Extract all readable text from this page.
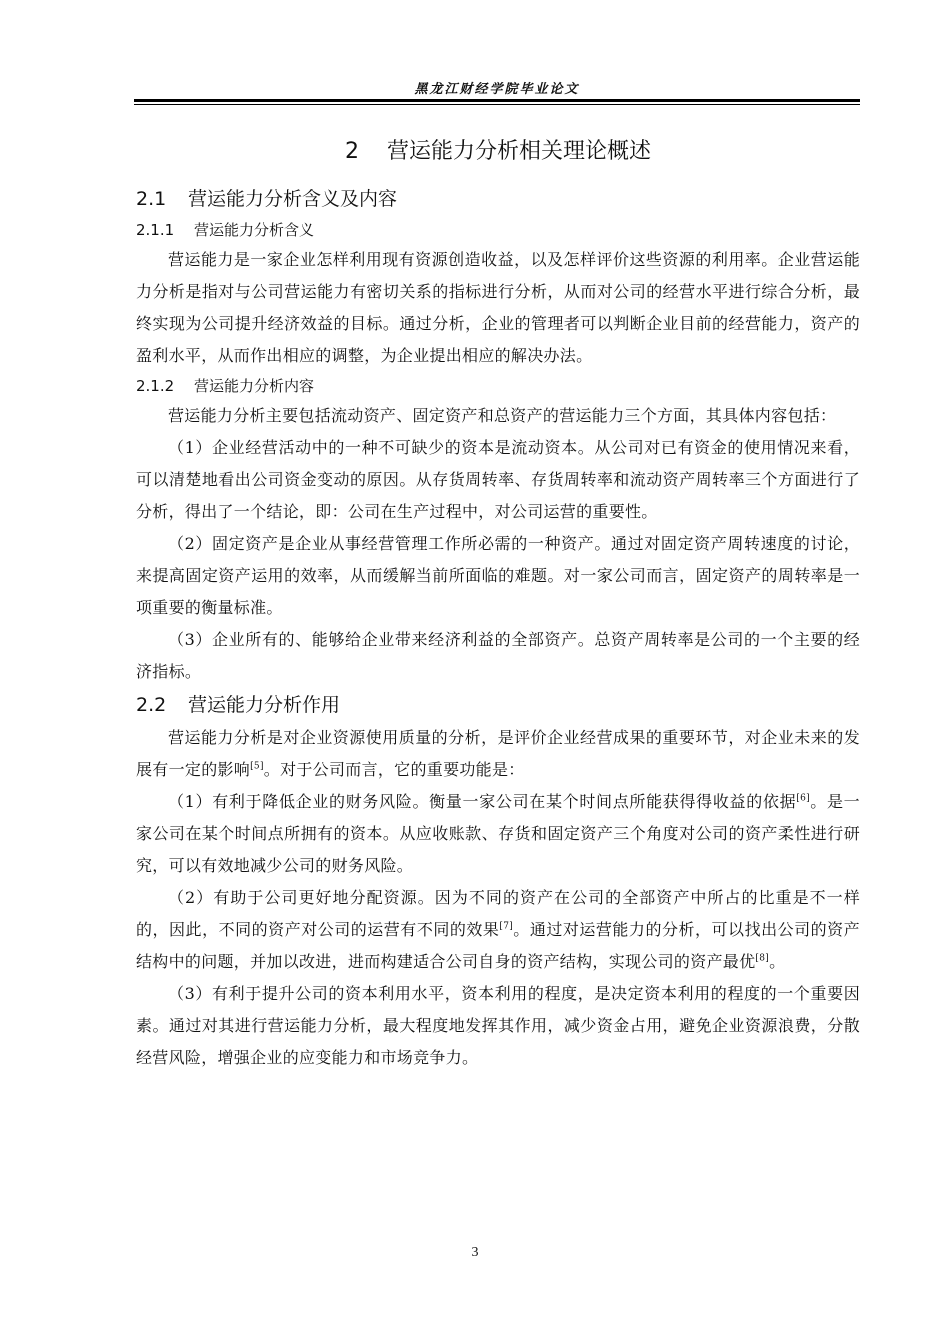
黑龙江财经学院毕业论文
2 营运能力分析相关理论概述
2.1 营运能力分析含义及内容
2.1.1 营运能力分析含义

营运能力是一家企业怎样利用现有资源创造收益，以及怎样评价这些资源的利用率。企业营运能力分析是指对与公司营运能力有密切关系的指标进行分析，从而对公司的经营水平进行综合分析，最终实现为公司提升经济效益的目标。通过分析，企业的管理者可以判断企业目前的经营能力，资产的盈利水平，从而作出相应的调整，为企业提出相应的解决办法。

2.1.2 营运能力分析内容

营运能力分析主要包括流动资产、固定资产和总资产的营运能力三个方面，其具体内容包括：

（1）企业经营活动中的一种不可缺少的资本是流动资本。从公司对已有资金的使用情况来看，可以清楚地看出公司资金变动的原因。从存货周转率、存货周转率和流动资产周转率三个方面进行了分析，得出了一个结论，即：公司在生产过程中，对公司运营的重要性。

（2）固定资产是企业从事经营管理工作所必需的一种资产。通过对固定资产周转速度的讨论，来提高固定资产运用的效率，从而缓解当前所面临的难题。对一家公司而言，固定资产的周转率是一项重要的衡量标准。

（3）企业所有的、能够给企业带来经济利益的全部资产。总资产周转率是公司的一个主要的经济指标。

2.2 营运能力分析作用

营运能力分析是对企业资源使用质量的分析，是评价企业经营成果的重要环节，对企业未来的发展有一定的影响[5]。对于公司而言，它的重要功能是：

（1）有利于降低企业的财务风险。衡量一家公司在某个时间点所能获得得收益的依据[6]。是一家公司在某个时间点所拥有的资本。从应收账款、存货和固定资产三个角度对公司的资产柔性进行研究，可以有效地减少公司的财务风险。

（2）有助于公司更好地分配资源。因为不同的资产在公司的全部资产中所占的比重是不一样的，因此，不同的资产对公司的运营有不同的效果[7]。通过对运营能力的分析，可以找出公司的资产结构中的问题，并加以改进，进而构建适合公司自身的资产结构，实现公司的资产最优[8]。

（3）有利于提升公司的资本利用水平，资本利用的程度，是决定资本利用的程度的一个重要因素。通过对其进行营运能力分析，最大程度地发挥其作用，减少资金占用，避免企业资源浪费，分散经营风险，增强企业的应变能力和市场竞争力。

3
